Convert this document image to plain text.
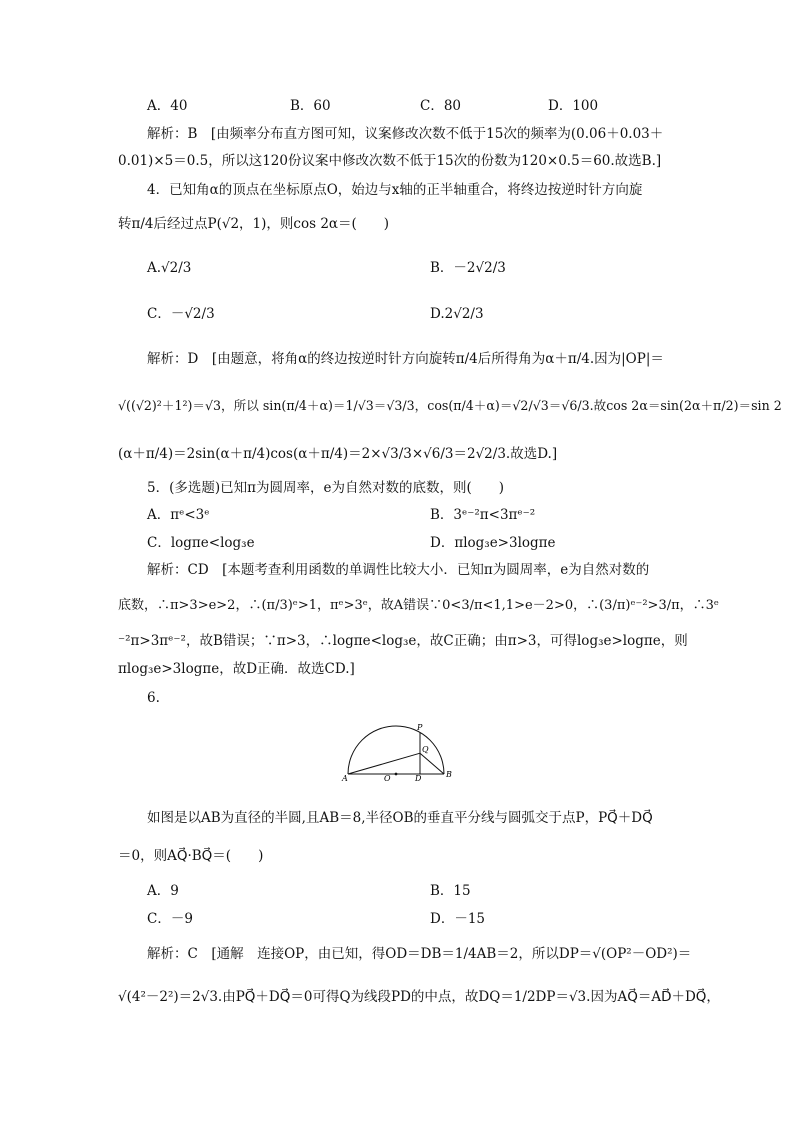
A．40	B．60	C．80	D．100
解析：B　[由频率分布直方图可知，议案修改次数不低于15次的频率为(0.06＋0.03＋
0.01)×5＝0.5，所以这120份议案中修改次数不低于15次的份数为120×0.5＝60.故选B.]
4．已知角α的顶点在坐标原点O，始边与x轴的正半轴重合，将终边按逆时针方向旋
转π/4后经过点P(√2，1)，则cos 2α＝(　　)
A.√2/3	B．－2√2/3
C．－√2/3	D.2√2/3
解析：D　[由题意，将角α的终边按逆时针方向旋转π/4后所得角为α＋π/4.因为|OP|＝
√((√2)²＋1²)＝√3，所以 sin(π/4＋α)＝1/√3＝√3/3，cos(π/4＋α)＝√2/√3＝√6/3.故cos 2α＝sin(2α＋π/2)＝sin 2
(α＋π/4)＝2sin(α＋π/4)cos(α＋π/4)＝2×√3/3×√6/3＝2√2/3.故选D.]
5．(多选题)已知π为圆周率，e为自然对数的底数，则(　　)
A．πᵉ<3ᵉ	B．3ᵉ⁻²π<3πᵉ⁻²
C．logπe<log₃e	D．πlog₃e>3logπe
解析：CD　[本题考查利用函数的单调性比较大小．已知π为圆周率，e为自然对数的
底数，∴π>3>e>2，∴(π/3)ᵉ>1，πᵉ>3ᵉ，故A错误∵0<3/π<1,1>e－2>0，∴(3/π)ᵉ⁻²>3/π，∴3ᵉ
⁻²π>3πᵉ⁻²，故B错误；∵π>3，∴logπe<log₃e，故C正确；由π>3，可得log₃e>logπe，则
πlog₃e>3logπe，故D正确．故选CD.]
6.
P
Q
A	O	D	B
如图是以AB为直径的半圆,且AB＝8,半径OB的垂直平分线与圆弧交于点P，PQ⃗＋DQ⃗
＝0，则AQ⃗·BQ⃗＝(　　)
A．9	B．15
C．－9	D．－15
解析：C　[通解　连接OP，由已知，得OD＝DB＝1/4AB＝2，所以DP＝√(OP²－OD²)＝
√(4²－2²)＝2√3.由PQ⃗＋DQ⃗＝0可得Q为线段PD的中点，故DQ＝1/2DP＝√3.因为AQ⃗＝AD⃗＋DQ⃗，
